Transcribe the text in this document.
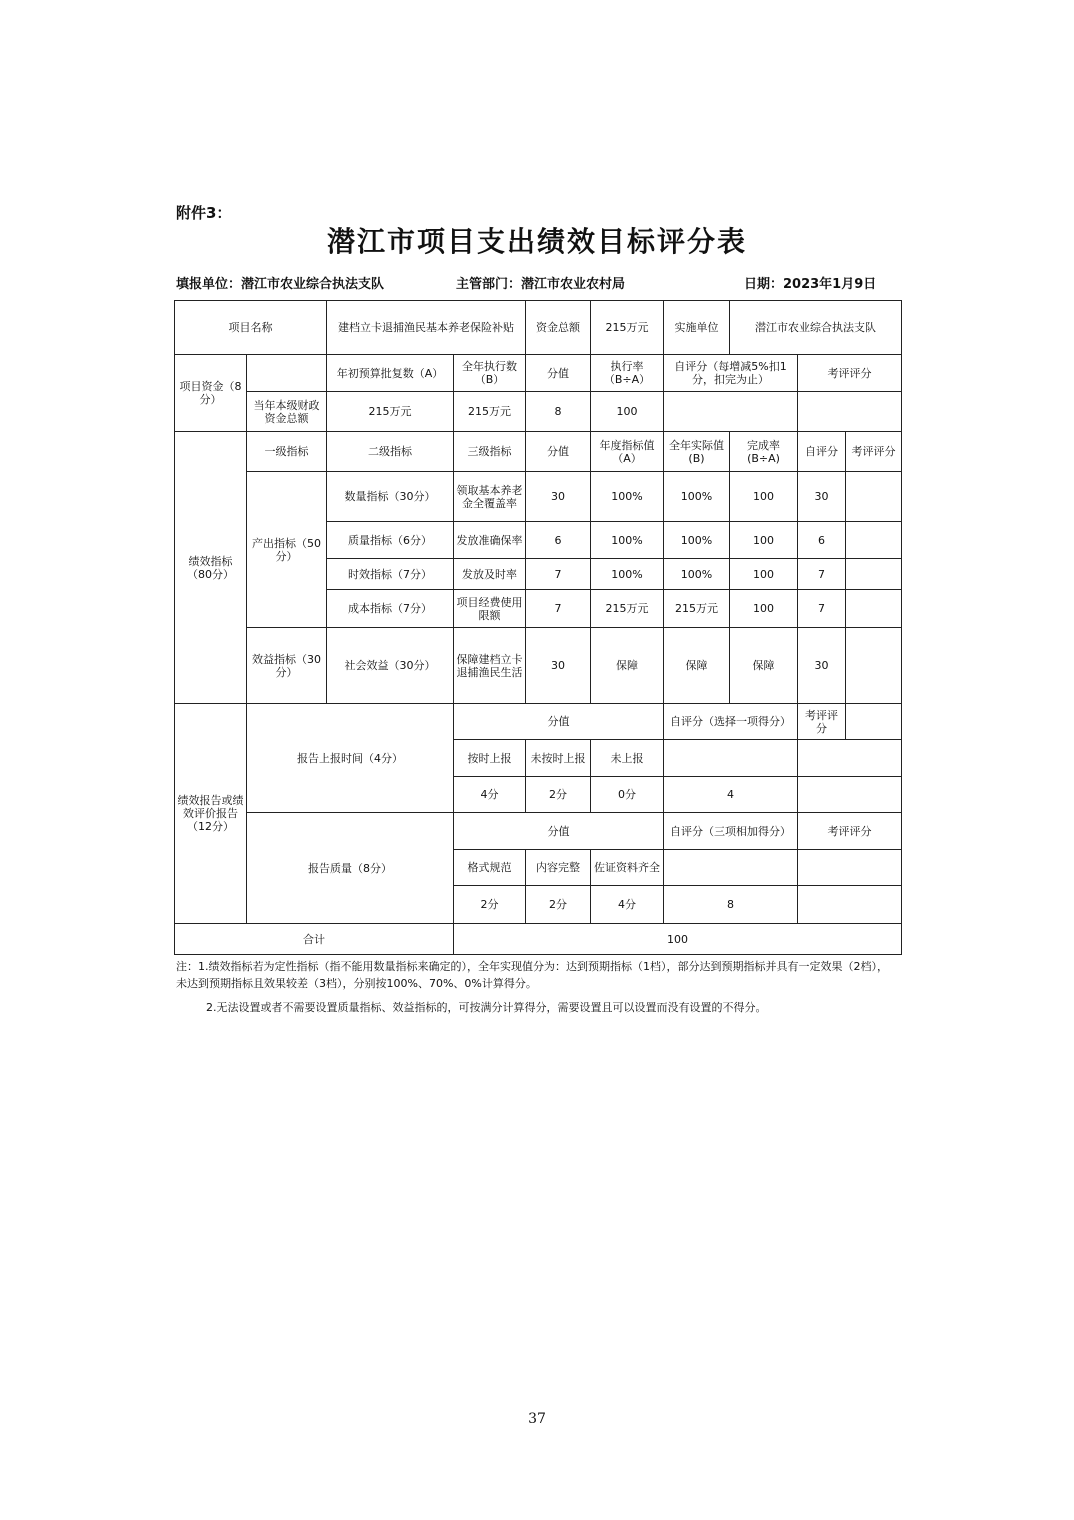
附件3：
潜江市项目支出绩效目标评分表
填报单位：潜江市农业综合执法支队	主管部门：潜江市农业农村局	日期：2023年1月9日
项目名称		建档立卡退捕渔民基本养老保险补贴		资金总额	215万元	实施单位	潜江市农业综合执法支队		
项目资金（8分）		年初预算批复数（A）	全年执行数（B）	分值	执行率（B÷A）	自评分（每增减5%扣1分，扣完为止）		考评评分	
	当年本级财政资金总额	215万元	215万元	8	100				
绩效指标（80分）	一级指标	二级指标	三级指标	分值	年度指标值（A）	全年实际值(B)	完成率(B÷A)	自评分	考评评分
	产出指标（50分）	数量指标（30分）	领取基本养老金全覆盖率	30	100%	100%	100	30	
		质量指标（6分）	发放准确保率	6	100%	100%	100	6	
		时效指标（7分）	发放及时率	7	100%	100%	100	7	
		成本指标（7分）	项目经费使用限额	7	215万元	215万元	100	7	
	效益指标（30分）	社会效益（30分）	保障建档立卡退捕渔民生活	30	保障	保障	保障	30	

绩效报告或绩效评价报告（12分）	报告上报时间（4分）		分值			自评分（选择一项得分）		考评评分	
			按时上报	未按时上报	未上报				
			4分	2分	0分	4			
	报告质量（8分）		分值			自评分（三项相加得分）		考评评分	
			格式规范	内容完整	佐证资料齐全				
			2分	2分	4分	8			
合计			100						
注：1.绩效指标若为定性指标（指不能用数量指标来确定的），全年实现值分为：达到预期指标（1档），部分达到预期指标并具有一定效果（2档），未达到预期指标且效果较差（3档），分别按100%、70%、0%计算得分。
2.无法设置或者不需要设置质量指标、效益指标的，可按满分计算得分，需要设置且可以设置而没有设置的不得分。
37
